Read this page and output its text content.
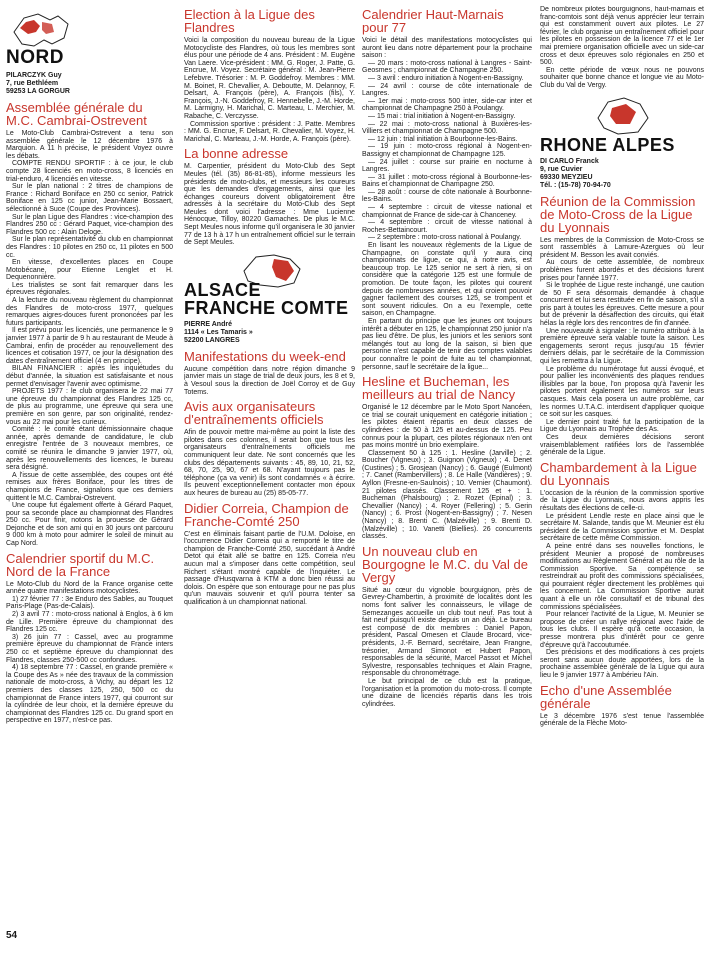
NORD
PILARCZYK Guy
7, rue Bethléem
59253 LA GORGUR
Assemblée générale du M.C. Cambrai-Ostrevent

Le Moto-Club Cambrai-Ostrevent a tenu son assemblée générale le 12 décembre 1976 à Marquion. A 11 h précise, le président Voyez ouvre les débats.

COMPTE RENDU SPORTIF : à ce jour, le club compte 28 licenciés en moto-cross, 8 licenciés en trial-enduro, 4 licenciés en vitesse.

Sur le plan national : 2 titres de champions de France : Richard Boniface en 250 cc senior, Patrick Boniface en 125 cc junior, Jean-Marie Bossaert, sélectionné à Suce (Coupe des Provinces).

Sur le plan Ligue des Flandres : vice-champion des Flandres 250 cc : Gérard Paquet, vice-champion des Flandres 500 cc : Alain Deloge.

Sur le plan représentativité du club en championnat des Flandres : 10 pilotes en 250 cc, 11 pilotes en 500 cc.

En vitesse, d'excellentes places en Coupe Motobécane, pour Etienne Lenglet et H. Dequenonnière.

Les trialistes se sont fait remarquer dans les épreuves régionales.

A la lecture du nouveau règlement du championnat des Flandres de moto-cross 1977, quelques remarques aigres-douces furent prononcées par les futurs participants.

Il est prévu pour les licenciés, une permanence le 9 janvier 1977 à partir de 9 h au restaurant de Meude à Cambrai, enfin de procéder au renouvellement des licences et cotisation 1977, ce jour la désignation des dates d'entraînement officiel (4 en principe).

BILAN FINANCIER : après les inquiétudes du début d'année, la situation est satisfaisante et nous permet d'envisager l'avenir avec optimisme.

PROJETS 1977 : le club organisera le 22 mai 77 une épreuve du championnat des Flandres 125 cc, de plus au programme, une épreuve qui sera une première en son genre, par son originalité, rendez-vous au 22 mai pour les curieux.

Comité : le comité étant démissionnaire chaque année, après demande de candidature, le club enregistre l'entrée de 3 nouveaux membres, ce comité se réunira le dimanche 9 janvier 1977, où, après les renouvellements des licences, le bureau sera désigné.

A l'issue de cette assemblée, des coupes ont été remises aux frères Boniface, pour les titres de champions de France, signalons que ces derniers quittent le M.C. Cambrai-Ostrevent.

Une coupe fut également offerte à Gérard Paquet, pour sa seconde place au championnat des Flandres 250 cc. Pour finir, notons la prouesse de Gérard Dejonche et de son ami qui en 30 jours ont parcouru 9 000 km à moto pour admirer le soleil de minuit au Cap Nord.

Calendrier sportif du M.C. Nord de la France

Le Moto-Club du Nord de la France organise cette année quatre manifestations motocyclistes.

1) 27 février 77 : 3e Enduro des Sables, au Touquet Paris-Plage (Pas-de-Calais).

2) 3 avril 77 : moto-cross national à Englos, à 6 km de Lille. Première épreuve du championnat des Flandres 125 cc.

3) 26 juin 77 : Cassel, avec au programme première épreuve du championnat de France inters 250 cc et septième épreuve du championnat des Flandres, classes 250-500 cc confondues.

4) 18 septembre 77 : Cassel, en grande première « la Coupe des As » née des travaux de la commission nationale de moto-cross, à Vichy, au départ les 12 premiers des classes 125, 250, 500 cc du championnat de France inters 1977, qui courront sur la cylindrée de leur choix, et la dernière épreuve du championnat des Flandres 125 cc. Du grand sport en perspective en 1977, n'est-ce pas.

Election à la Ligue des Flandres

Voici la composition du nouveau bureau de la Ligue Motocycliste des Flandres, où tous les membres sont élus pour une période de 4 ans. Président : M. Eugène Van Laere. Vice-président : MM. G. Roger, J. Patte, G. Encrue, M. Voyez. Secrétaire général : M. Jean-Pierre Lefebvre. Trésorier : M. P. Goddefroy. Membres : MM. M. Boinet, R. Chevallier, A. Deboutte, M. Delannoy, F. Delsart, A. François (père), A. François (fils), Y. François, J.-N. Goddefroy, R. Hennebelle, J.-M. Horde, M. Larmigny, H. Marichal, C. Marteau, L. Merchier, M. Rabache, C. Verczysse.

Commission sportive : président : J. Patte. Membres : MM. G. Encrue, F. Delsart, R. Chevalier, M. Voyez, H. Marichal, C. Marteau, J.-M. Horde, A. François (père).

La bonne adresse

M. Carpentier, président du Moto-Club des Sept Meules (tél. (35) 86-81-85), informe messieurs les présidents de moto-clubs, et messieurs les coureurs que les demandes d'engagements, ainsi que les échanges coureurs doivent obligatoirement être adressés à la secrétaire du Moto-Club des Sept Meules dont voici l'adresse : Mme Lucienne Hénocque, Tilloy, 80220 Gamaches. De plus le M.C. Sept Meules nous informe qu'il organisera le 30 janvier 77 de 13 h à 17 h un entraînement officiel sur le terrain de Sept Meules.

ALSACE
FRANCHE COMTE
PIERRE André
1114 « Les Tamaris »
52200 LANGRES
Manifestations du week-end

Aucune compétition dans notre région dimanche 9 janvier mais un stage de trial de deux jours, les 8 et 9, à Vesoul sous la direction de Joël Corroy et de Guy Totems.

Avis aux organisateurs d'entraînements officiels

Afin de pouvoir mettre mai-même au point la liste des pilotes dans ces colonnes, il serait bon que tous les organisateurs d'entraînements officiels me communiquent leur date. Ne sont concernés que les clubs des départements suivants : 45, 89, 10, 21, 52, 68, 70, 25, 90, 67 et 68. N'ayant toujours pas le téléphone (ça va venir) ils sont condamnés « à écrire. Ils peuvent exceptionnellement contacter mon époux aux heures de bureau au (25) 85-05-77.

Didier Correia, Champion de Franche-Comté 250

C'est en éliminais faisant partie de l'U.M. Doloise, en l'occurrence Didier Correia qui a remporté le titre de champion de Franche-Comté 250, succédant à André Detot qui était allé se battre en 125. Correia n'eu aucun mal a s'imposer dans cette compétition, seul Richert s'étant montré capable de l'inquiéter. Le passage d'Husqvarna à KTM a donc bien réussi au dolois. On espère que son entourage pour ne pas plus qu'un mauvais souvenir et qu'il pourra tenter sa qualification à un championnat national.

Calendrier Haut-Marnais pour 77

Voici le détail des manifestations motocyclistes qui auront lieu dans notre département pour la prochaine saison :

— 20 mars : moto-cross national à Langres - Saint-Geosmes ; championnat de Champagne 250.

— 3 avril : enduro initiation à Nogent-en-Bassigny.

— 24 avril : course de côte internationale de Langres.

— 1er mai : moto-cross 500 inter, side-car inter et championnat de Champagne 250 à Poulangy.

— 15 mai : trial initiation à Nogent-en-Bassigny.

— 22 mai : moto-cross national à Buxières-les-Villiers et championnat de Champagne 500.

— 12 juin : trial initiation à Bourbonne-les-Bains.

— 19 juin : moto-cross régional à Nogent-en-Bassigny et championnat de Champagne 125.

— 24 juillet : course sur prairie en nocturne à Langres.

— 31 juillet : moto-cross régional à Bourbonne-les-Bains et championnat de Champagne 250.

— 28 août : course de côte nationale à Bourbonne-les-Bains.

— 4 septembre : circuit de vitesse national et championnat de France de side-car à Chanceney.

— 4 septembre : circuit de vitesse national à Roches-Bettaincourt.

— 2 septembre : moto-cross national à Poulangy.

En lisant les nouveaux règlements de la Ligue de Champagne, on constate qu'il y aura cinq championnats de ligue, ce qui, à notre avis, est beaucoup trop. Le 125 senior ne sert à rien, si on considère que la catégorie 125 est une formule de promotion. De toute façon, les pilotes qui courent depuis de nombreuses années, et qui croient pouvoir gagner facilement des courses 125, se trompent et sont souvent ridicules. On a eu l'exemple, cette saison, en Champagne.

En partant du principe que les jeunes ont toujours intérêt a débuter en 125, le championnat 250 junior n'a pas lieu d'être. De plus, les juniors et les seniors sont mélangés tout au long de la saison, si bien que personne n'est capable de tenir des comptes valables pour connaître le point de fuite au tel championnat, personne, sauf le secrétaire de la ligue...

Hesline et Bucheman, les meilleurs au trial de Nancy

Organisé le 12 décembre par le Moto Sport Nancéen, ce trial se courait uniquement en catégorie initiation ; les pilotes étaient répartis en deux classes de cylindrées : de 50 à 125 et au-dessus de 125. Peu connus pour la plupart, ces pilotes régionaux n'en ont pas moins montré un brio exemplaire.

Classement 50 à 125 : 1. Hesline (Jarville) ; 2. Boucher (Vigneux) ; 3. Guignon (Vigneux) ; 4. Denet (Custines) ; 5. Grosjean (Nancy) ; 6. Gaugé (Eulmont) ; 7. Canet (Rambervillers) ; 8. Le Halle (Vandières) ; 9. Ayllon (Fresne-en-Saulnois) ; 10. Vernier (Chaumont). 21 pilotes classés. Classement 125 et + : 1. Bucheman (Phalsbourg) ; 2. Rozet (Epinal) ; 3. Chevallier (Nancy) ; 4. Royer (Fellering) ; 5. Gerin (Nancy) ; 6. Prost (Nogent-en-Bassigny) ; 7. Nesen (Nancy) ; 8. Brenti C. (Malzéville) ; 9. Brenti D. (Malzéville) ; 10. Vanetti (Biellies). 26 concurrents classés.

Un nouveau club en Bourgogne le M.C. du Val de Vergy

Situé au cœur du vignoble bourguignon, près de Gevrey-Chambertin, à proximité de localités dont les noms font saliver les connaisseurs, le village de Semezanges accueille un club tout neuf. Pas tout à fait neuf puisqu'il existe depuis un an déjà. Le bureau est composé de dix membres : Daniel Papon, président, Pascal Omesen et Claude Brocard, vice-présidents, J.-F. Bernard, secrétaire, Jean Frangne, trésorier, Armand Simonot et Hubert Papon, responsables de la sécurité, Marcel Passot et Michel Sylvestre, responsables techniques et Alain Fragne, responsable du chronométrage.

Le but principal de ce club est la pratique, l'organisation et la promotion du moto-cross. Il compte une dizaine de licenciés répartis dans les trois cylindrées.

De nombreux pilotes bourguignons, haut-marnais et franc-comtois sont déjà venus apprécier leur terrain qui est constamment ouvert aux pilotes. Le 27 février, le club organise un entraînement officiel pour les pilotes en possession de la licence 77 et le 1er mai premiere organisation officielle avec un side-car cross et deux épreuves solo régionales en 250 et 500.

En cette période de vœux nous ne pouvons souhaiter que bonne chance et longue vie au Moto-Club du Val de Vergy.

RHONE ALPES
DI CARLO Franck
9, rue Cuvier
69330 MEYZIEU
Tél. : (15-78) 70-94-70
Réunion de la Commission de Moto-Cross de la Ligue du Lyonnais

Les membres de la Commission de Moto-Cross se sont rassemblés à Lamure-Azergues où leur président M. Besson les avait conviés.

Au cours de cette assemblée, de nombreux problèmes furent abordés et des décisions furent prises pour l'année 1977.

Si le trophée de Ligue reste inchangé, une caution de 50 F sera désormais demandée à chaque concurrent et lui sera restituée en fin de saison, s'il a pris part à toutes les épreuves. Cette mesure a pour but de prévenir la désaffection des circuits, qui était hélas la règle lors des rencontres de fin d'année.

Une nouveauté à signaler : le numéro attribué à la première épreuve sera valable toute la saison. Les engagements seront reçus jusqu'au 15 février derniers délais, par le secrétaire de la Commission qui les remettra à la Ligue.

Le problème du numérotage fut aussi évoqué, et pour pallier les inconvénients des plaques rendues illisibles par la boue, l'on proposa qu'à l'avenir les pilotes portent également les numéros sur leurs casques. Mais cela posera un autre problème, car les normes U.T.A.C. interdisent d'appliquer quoique ce soit sur les casques.

Le dernier point traité fut la participation de la Ligue du Lyonnais au Trophée des As.

Ces deux dernières décisions seront vraisemblablement ratifiées lors de l'assemblée générale de la Ligue.

Chambardement à la Ligue du Lyonnais

L'occasion de la réunion de la commission sportive de la Ligue du Lyonnais, nous avons appris les résultats des élections de celle-ci.

Le président Lendle reste en place ainsi que le secrétaire M. Salande, tandis que M. Meunier est élu président de la Commission sportive et M. Desplat secrétaire de cette même Commission.

A peine entré dans ses nouvelles fonctions, le président Meunier a proposé de nombreuses modifications au Règlement Général et au rôle de la Commission Sportive. Sa compétence se restreindrait au profit des commissions spécialisées, qui pourraient régler directement les problèmes qui les concernent. La Commission Sportive aurait quant à elle un rôle consultatif et de tribunal des commissions spécialisées.

Pour relancer l'activité de la Ligue, M. Meunier se propose de créer un rallye régional avec l'aide de tous les clubs. Il espère qu'à cette occasion, la presse montrera plus d'intérêt pour ce genre d'épreuve qu'à l'accoutumée.

Des précisions et des modifications à ces projets seront sans aucun doute apportées, lors de la prochaine assemblée générale de la Ligue qui aura lieu le 9 janvier 1977 à Ambérieu l'Ain.

Echo d'une Assemblée générale

Le 3 décembre 1976 s'est tenue l'assemblée générale de la Flèche Moto-

54
